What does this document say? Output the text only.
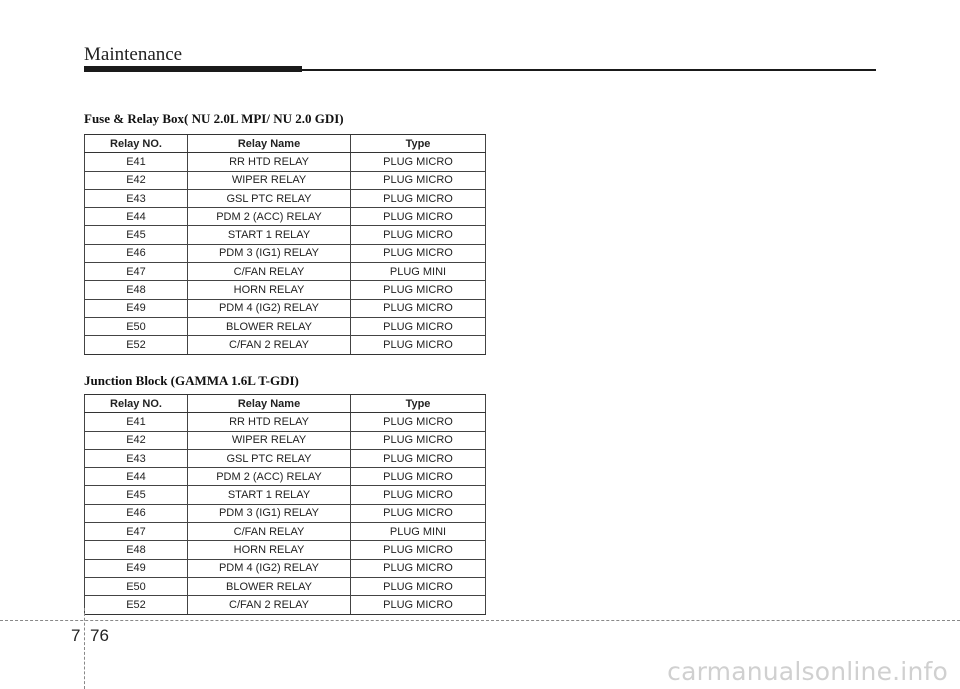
Maintenance
Fuse & Relay Box( NU 2.0L MPI/ NU 2.0 GDI)
Relay NO.	Relay Name	Type
E41	RR HTD RELAY	PLUG MICRO
E42	WIPER RELAY	PLUG MICRO
E43	GSL PTC RELAY	PLUG MICRO
E44	PDM 2 (ACC) RELAY	PLUG MICRO
E45	START 1 RELAY	PLUG MICRO
E46	PDM 3 (IG1) RELAY	PLUG MICRO
E47	C/FAN RELAY	PLUG MINI
E48	HORN RELAY	PLUG MICRO
E49	PDM 4 (IG2) RELAY	PLUG MICRO
E50	BLOWER RELAY	PLUG MICRO
E52	C/FAN 2 RELAY	PLUG MICRO
Junction Block (GAMMA 1.6L T-GDI)
Relay NO.	Relay Name	Type
E41	RR HTD RELAY	PLUG MICRO
E42	WIPER RELAY	PLUG MICRO
E43	GSL PTC RELAY	PLUG MICRO
E44	PDM 2 (ACC) RELAY	PLUG MICRO
E45	START 1 RELAY	PLUG MICRO
E46	PDM 3 (IG1) RELAY	PLUG MICRO
E47	C/FAN RELAY	PLUG MINI
E48	HORN RELAY	PLUG MICRO
E49	PDM 4 (IG2) RELAY	PLUG MICRO
E50	BLOWER RELAY	PLUG MICRO
E52	C/FAN 2 RELAY	PLUG MICRO
7 76
carmanualsonline.info
